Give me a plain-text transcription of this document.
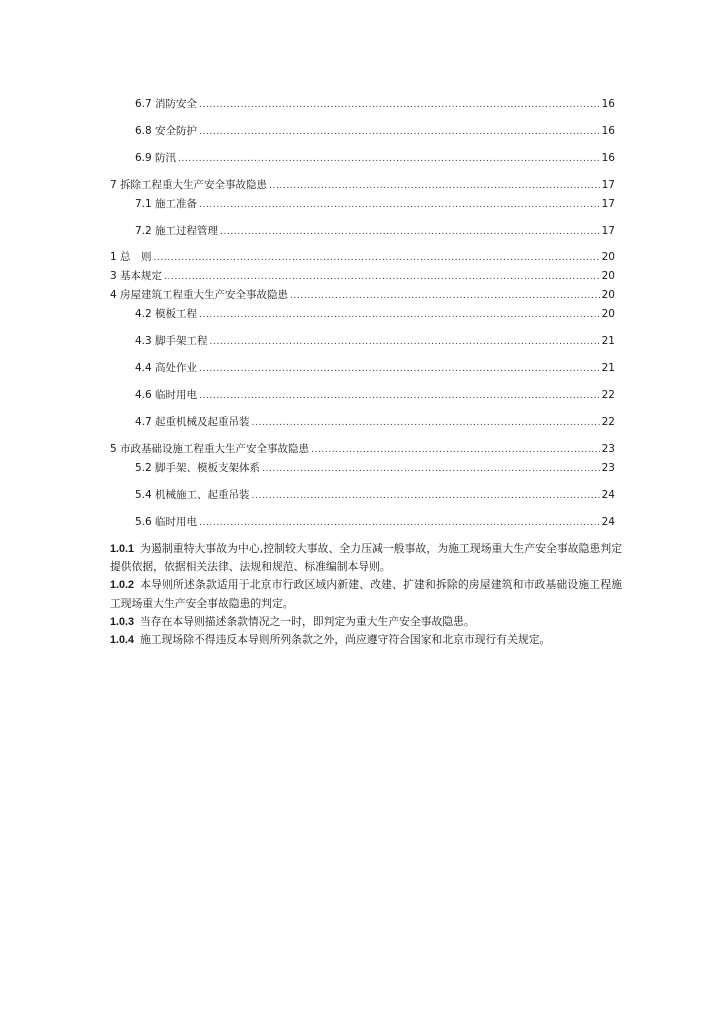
6.7 消防安全 .....	16
6.8 安全防护 .....	16
6.9 防汛 .....	16
7 拆除工程重大生产安全事故隐患 .....	17
7.1 施工准备 .....	17
7.2 施工过程管理 .....	17
1 总　则 .....	20
3 基本规定 .....	20
4 房屋建筑工程重大生产安全事故隐患 .....	20
4.2 模板工程 .....	20
4.3 脚手架工程 .....	21
4.4 高处作业 .....	21
4.6 临时用电 .....	22
4.7 起重机械及起重吊装 .....	22
5 市政基础设施工程重大生产安全事故隐患 .....	23
5.2 脚手架、模板支架体系 .....	23
5.4 机械施工、起重吊装 .....	24
5.6 临时用电 .....	24

1.0.1 为遏制重特大事故为中心,控制较大事故、全力压减一般事故，为施工现场重大生产安全事故隐患判定提供依据，依据相关法律、法规和规范、标准编制本导则。

1.0.2 本导则所述条款适用于北京市行政区域内新建、改建、扩建和拆除的房屋建筑和市政基础设施工程施工现场重大生产安全事故隐患的判定。

1.0.3 当存在本导则描述条款情况之一时，即判定为重大生产安全事故隐患。

1.0.4 施工现场除不得违反本导则所列条款之外，尚应遵守符合国家和北京市现行有关规定。
